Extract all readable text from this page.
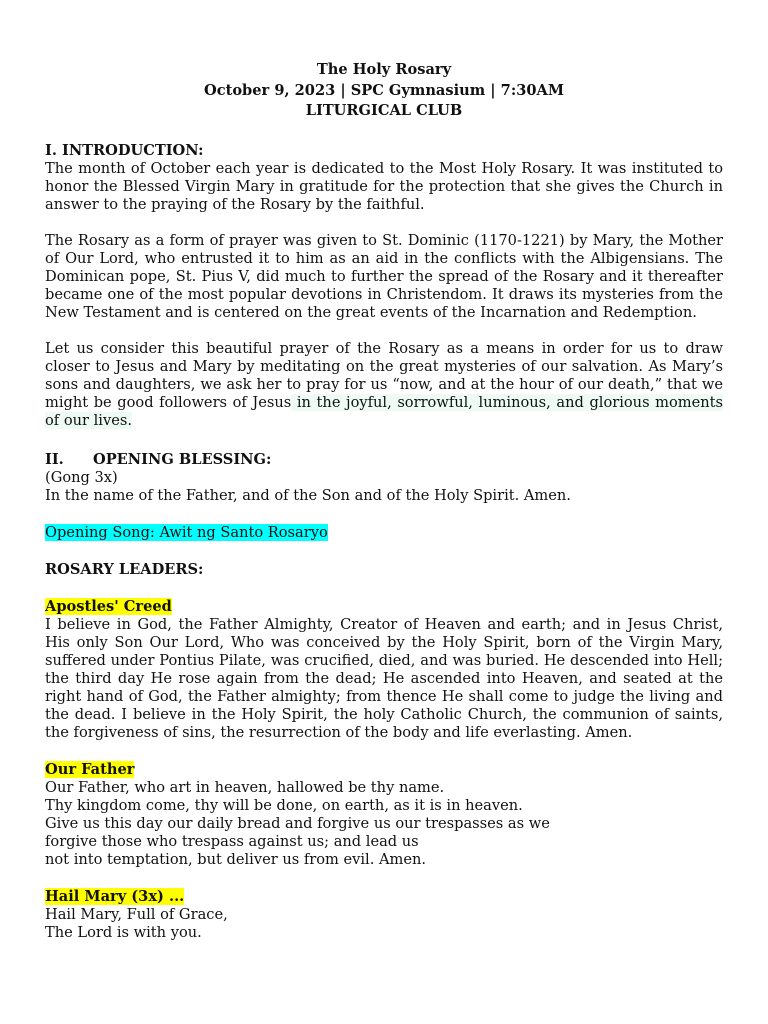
The Holy Rosary
October 9, 2023 | SPC Gymnasium | 7:30AM
LITURGICAL CLUB
I. INTRODUCTION:

The month of October each year is dedicated to the Most Holy Rosary. It was instituted to honor the Blessed Virgin Mary in gratitude for the protection that she gives the Church in answer to the praying of the Rosary by the faithful.

The Rosary as a form of prayer was given to St. Dominic (1170-1221) by Mary, the Mother of Our Lord, who entrusted it to him as an aid in the conflicts with the Albigensians. The Dominican pope, St. Pius V, did much to further the spread of the Rosary and it thereafter became one of the most popular devotions in Christendom. It draws its mysteries from the New Testament and is centered on the great events of the Incarnation and Redemption.

Let us consider this beautiful prayer of the Rosary as a means in order for us to draw closer to Jesus and Mary by meditating on the great mysteries of our salvation. As Mary’s sons and daughters, we ask her to pray for us “now, and at the hour of our death,” that we might be good followers of Jesus in the joyful, sorrowful, luminous, and glorious moments of our lives.

II. OPENING BLESSING:

(Gong 3x)

In the name of the Father, and of the Son and of the Holy Spirit. Amen.

Opening Song: Awit ng Santo Rosaryo

ROSARY LEADERS:

Apostles' Creed

I believe in God, the Father Almighty, Creator of Heaven and earth; and in Jesus Christ, His only Son Our Lord, Who was conceived by the Holy Spirit, born of the Virgin Mary, suffered under Pontius Pilate, was crucified, died, and was buried. He descended into Hell; the third day He rose again from the dead; He ascended into Heaven, and seated at the right hand of God, the Father almighty; from thence He shall come to judge the living and the dead. I believe in the Holy Spirit, the holy Catholic Church, the communion of saints, the forgiveness of sins, the resurrection of the body and life everlasting. Amen.

Our Father

Our Father, who art in heaven, hallowed be thy name.

Thy kingdom come, thy will be done, on earth, as it is in heaven.

Give us this day our daily bread and forgive us our trespasses as we

forgive those who trespass against us; and lead us

not into temptation, but deliver us from evil. Amen.

Hail Mary (3x) ...

Hail Mary, Full of Grace,

The Lord is with you.
